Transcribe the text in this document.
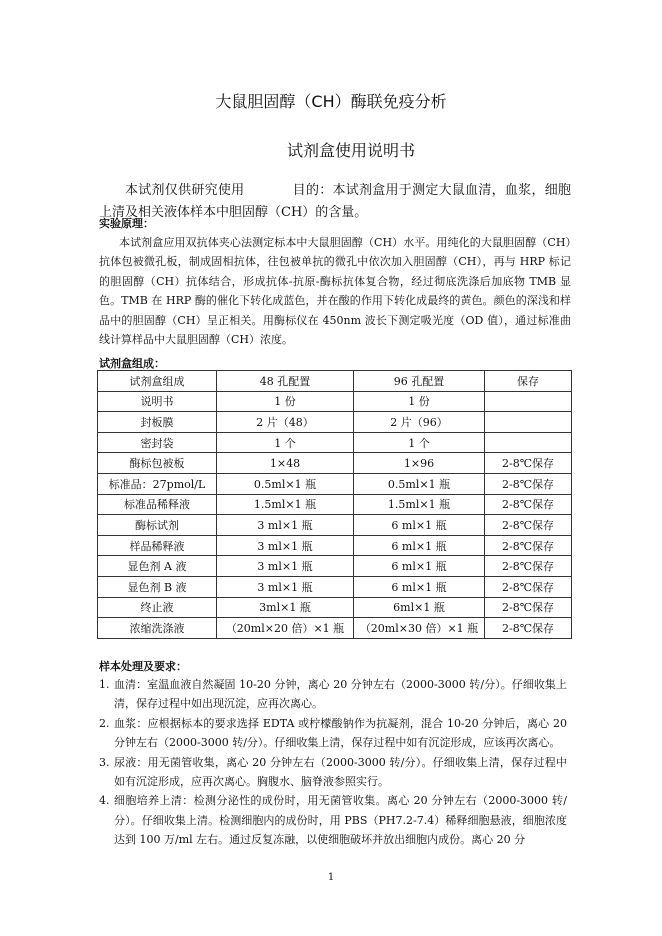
大鼠胆固醇（CH）酶联免疫分析
试剂盒使用说明书
本试剂仅供研究使用	目的：本试剂盒用于测定大鼠血清，血浆，细胞上清及相关液体样本中胆固醇（CH）的含量。
实验原理：
本试剂盒应用双抗体夹心法测定标本中大鼠胆固醇（CH）水平。用纯化的大鼠胆固醇（CH）抗体包被微孔板，制成固相抗体，往包被单抗的微孔中依次加入胆固醇（CH），再与 HRP 标记的胆固醇（CH）抗体结合，形成抗体-抗原-酶标抗体复合物，经过彻底洗涤后加底物 TMB 显色。TMB 在 HRP 酶的催化下转化成蓝色，并在酸的作用下转化成最终的黄色。颜色的深浅和样品中的胆固醇（CH）呈正相关。用酶标仪在 450nm 波长下测定吸光度（OD 值），通过标准曲线计算样品中大鼠胆固醇（CH）浓度。
试剂盒组成：
试剂盒组成	48 孔配置	96 孔配置	保存
说明书	1 份	1 份	
封板膜	2 片（48）	2 片（96）	
密封袋	1 个	1 个	
酶标包被板	1×48	1×96	2-8℃保存
标准品：27pmol/L	0.5ml×1 瓶	0.5ml×1 瓶	2-8℃保存
标准品稀释液	1.5ml×1 瓶	1.5ml×1 瓶	2-8℃保存
酶标试剂	3 ml×1 瓶	6 ml×1 瓶	2-8℃保存
样品稀释液	3 ml×1 瓶	6 ml×1 瓶	2-8℃保存
显色剂 A 液	3 ml×1 瓶	6 ml×1 瓶	2-8℃保存
显色剂 B 液	3 ml×1 瓶	6 ml×1 瓶	2-8℃保存
终止液	3ml×1 瓶	6ml×1 瓶	2-8℃保存
浓缩洗涤液	（20ml×20 倍）×1 瓶	（20ml×30 倍）×1 瓶	2-8℃保存
样本处理及要求：
1. 血清：室温血液自然凝固 10-20 分钟，离心 20 分钟左右（2000-3000 转/分）。仔细收集上清，保存过程中如出现沉淀，应再次离心。
2. 血浆：应根据标本的要求选择 EDTA 或柠檬酸钠作为抗凝剂，混合 10-20 分钟后，离心 20 分钟左右（2000-3000 转/分）。仔细收集上清，保存过程中如有沉淀形成，应该再次离心。
3. 尿液：用无菌管收集，离心 20 分钟左右（2000-3000 转/分）。仔细收集上清，保存过程中如有沉淀形成，应再次离心。胸腹水、脑脊液参照实行。
4. 细胞培养上清：检测分泌性的成份时，用无菌管收集。离心 20 分钟左右（2000-3000 转/分）。仔细收集上清。检测细胞内的成份时，用 PBS（PH7.2-7.4）稀释细胞悬液，细胞浓度达到 100 万/ml 左右。通过反复冻融，以使细胞破坏并放出细胞内成份。离心 20 分
1
